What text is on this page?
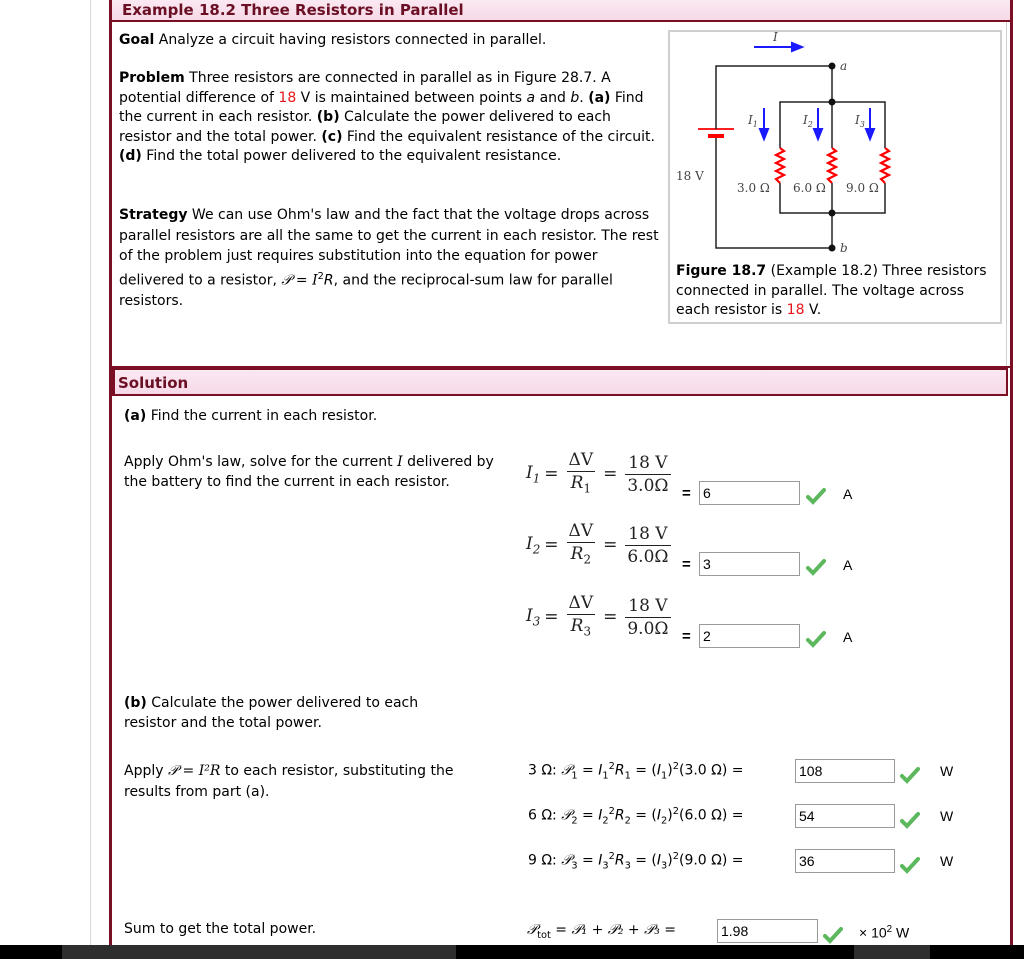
Example 18.2 Three Resistors in Parallel
Goal Analyze a circuit having resistors connected in parallel.
Problem Three resistors are connected in parallel as in Figure 28.7. A potential difference of 18 V is maintained between points a and b. (a) Find the current in each resistor. (b) Calculate the power delivered to each resistor and the total power. (c) Find the equivalent resistance of the circuit. (d) Find the total power delivered to the equivalent resistance.
Strategy We can use Ohm's law and the fact that the voltage drops across parallel resistors are all the same to get the current in each resistor. The rest of the problem just requires substitution into the equation for power delivered to a resistor, 𝒫 = $I^2R$, and the reciprocal-sum law for parallel resistors.
I
a
b
$I_1$	$I_2$	$I_3$
18 V
3.0 Ω 6.0 Ω 9.0 Ω
Figure 18.7 (Example 18.2) Three resistors connected in parallel. The voltage across each resistor is 18 V.
Solution
(a) Find the current in each resistor.
Apply Ohm's law, solve for the current I delivered by the battery to find the current in each resistor.	$I_1 = \frac{\Delta V}{R_1} = \frac{18 V}{3.0\Omega} = 6$	A
$I_2 = \frac{\Delta V}{R_2} = \frac{18 V}{6.0\Omega} = 3$	A
$I_3 = \frac{\Delta V}{R_3} = \frac{18 V}{9.0\Omega} = 2$	A
(b) Calculate the power delivered to each resistor and the total power.
Apply 𝒫 = I²R to each resistor, substituting the results from part (a).
3 Ω: 𝒫$_1$ = $I_1^2R_1 = (I_1)^2(3.0$ Ω) =	108	W
6 Ω: 𝒫$_2$ = $I_2^2R_2 = (I_2)^2(6.0$ Ω) =	54	W
9 Ω: 𝒫$_3$ = $I_3^2R_3 = (I_3)^2(9.0$ Ω) =	36	W
Sum to get the total power.	𝒫$_{tot}$ = 𝒫₁ + 𝒫₂ + 𝒫₃ =	1.98	× $10^2$ W
